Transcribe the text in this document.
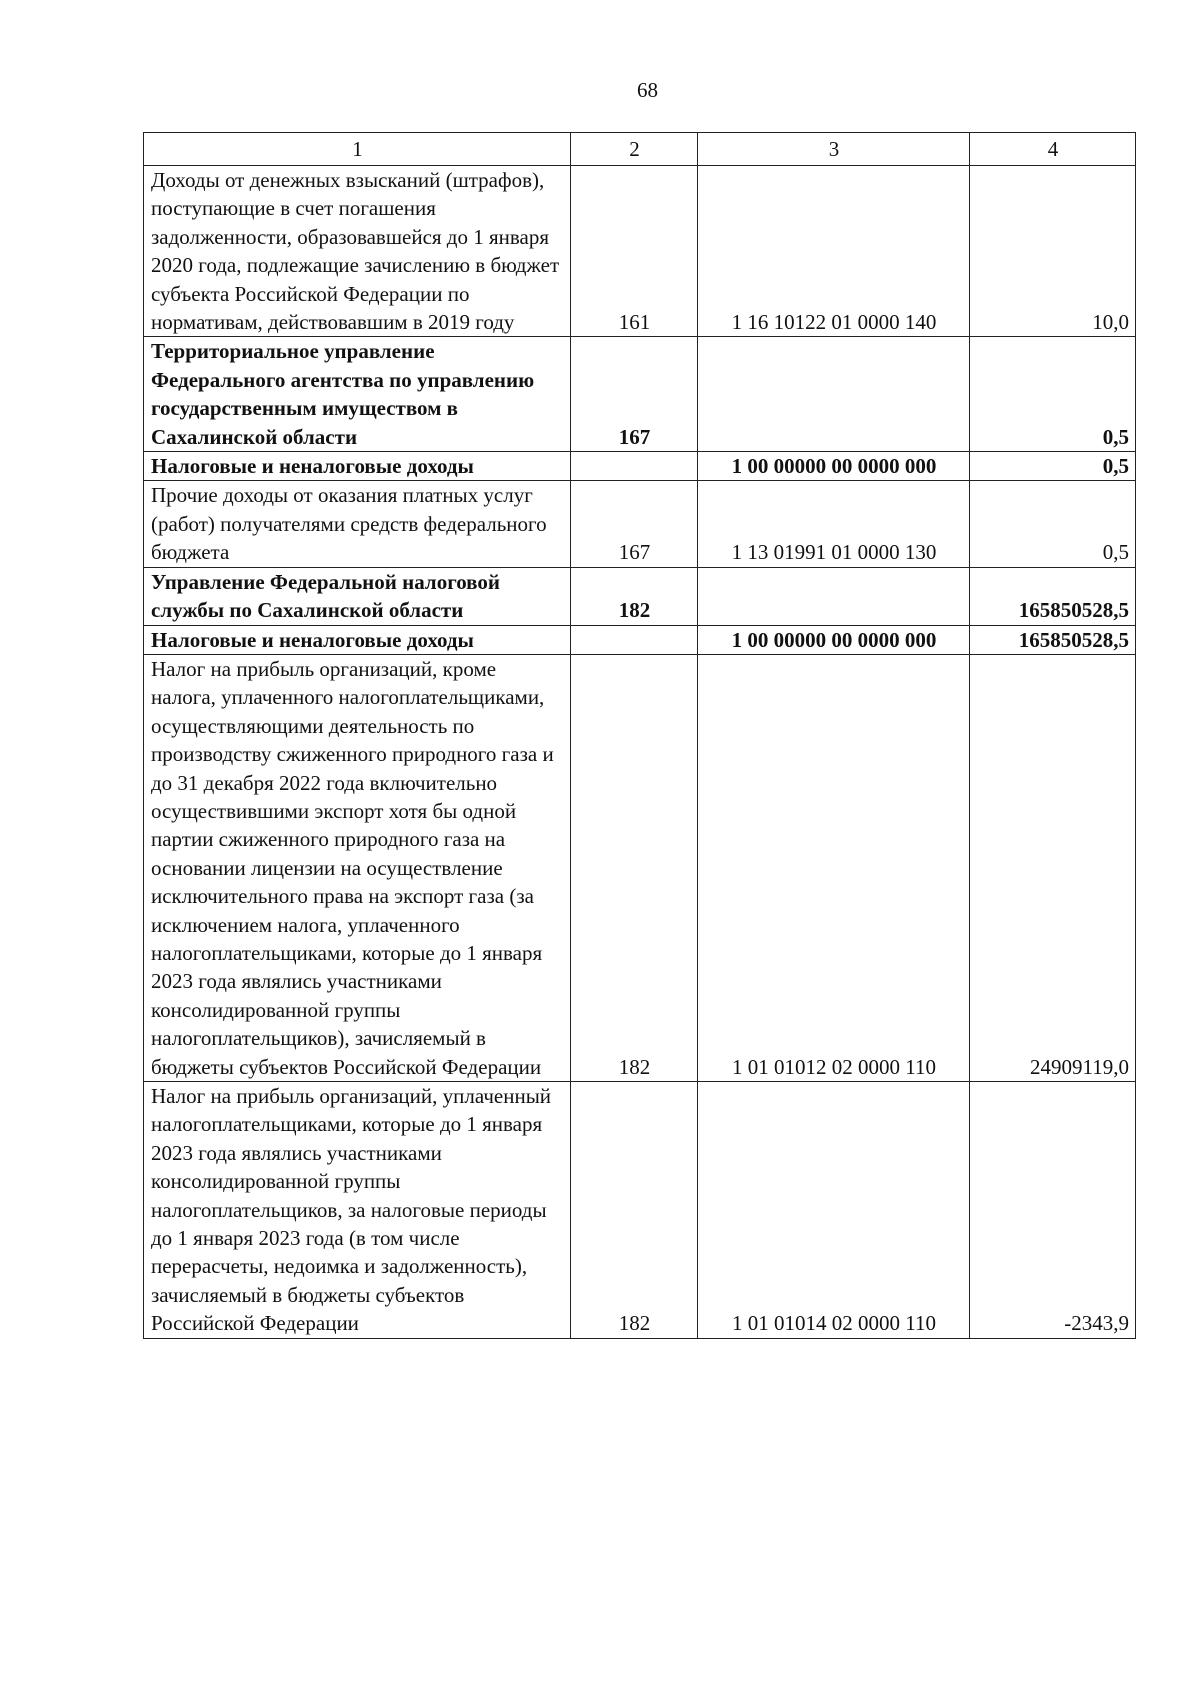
68
1	2	3	4
Доходы от денежных взысканий (штрафов), поступающие в счет погашения задолженности, образовавшейся до 1 января 2020 года, подлежащие зачислению в бюджет субъекта Российской Федерации по нормативам, действовавшим в 2019 году	161	1 16 10122 01 0000 140	10,0
Территориальное управление Федерального агентства по управлению государственным имуществом в Сахалинской области	167		0,5
Налоговые и неналоговые доходы		1 00 00000 00 0000 000	0,5
Прочие доходы от оказания платных услуг (работ) получателями средств федерального бюджета	167	1 13 01991 01 0000 130	0,5
Управление Федеральной налоговой службы по Сахалинской области	182		165850528,5
Налоговые и неналоговые доходы		1 00 00000 00 0000 000	165850528,5
Налог на прибыль организаций, кроме налога, уплаченного налогоплательщиками, осуществляющими деятельность по производству сжиженного природного газа и до 31 декабря 2022 года включительно осуществившими экспорт хотя бы одной партии сжиженного природного газа на основании лицензии на осуществление исключительного права на экспорт газа (за исключением налога, уплаченного налогоплательщиками, которые до 1 января 2023 года являлись участниками консолидированной группы налогоплательщиков), зачисляемый в бюджеты субъектов Российской Федерации	182	1 01 01012 02 0000 110	24909119,0
Налог на прибыль организаций, уплаченный налогоплательщиками, которые до 1 января 2023 года являлись участниками консолидированной группы налогоплательщиков, за налоговые периоды до 1 января 2023 года (в том числе перерасчеты, недоимка и задолженность), зачисляемый в бюджеты субъектов Российской Федерации	182	1 01 01014 02 0000 110	-2343,9
